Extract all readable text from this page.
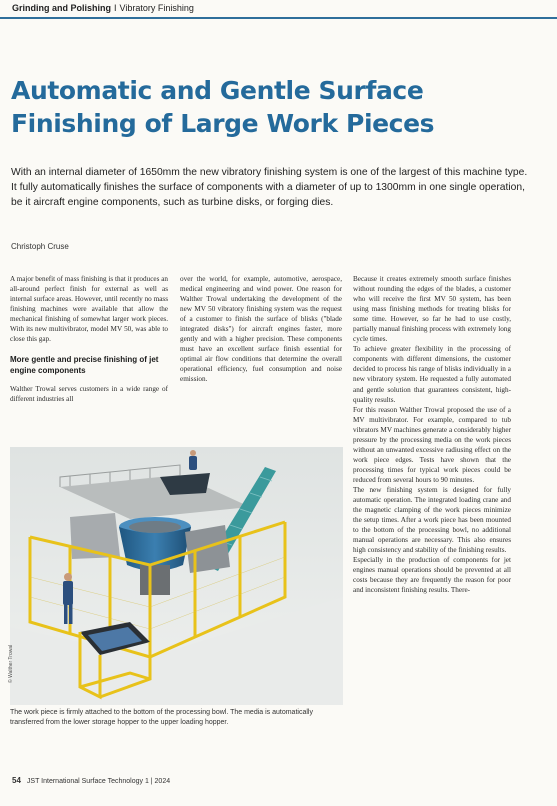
Grinding and Polishing I Vibratory Finishing
Automatic and Gentle Surface Finishing of Large Work Pieces

With an internal diameter of 1650mm the new vibratory finishing system is one of the largest of this machine type. It fully automatically finishes the surface of components with a diameter of up to 1300mm in one single operation, be it aircraft engine components, such as turbine disks, or forging dies.

Christoph Cruse

A major benefit of mass finishing is that it produces an all-around perfect finish for external as well as internal surface areas. However, until recently no mass finishing machines were available that allow the mechanical finishing of somewhat larger work pieces. With its new multivibrator, model MV 50, was able to close this gap.

More gentle and precise finishing of jet engine components

Walther Trowal serves customers in a wide range of different industries all

over the world, for example, automotive, aerospace, medical engineering and wind power. One reason for Walther Trowal undertaking the development of the new MV 50 vibratory finishing system was the request of a customer to finish the surface of blisks ("blade integrated disks") for aircraft engines faster, more gently and with a higher precision. These components must have an excellent surface finish essential for optimal air flow conditions that determine the overall operational efficiency, fuel consumption and noise emission.

Because it creates extremely smooth surface finishes without rounding the edges of the blades, a customer who will receive the first MV 50 system, has been using mass finishing methods for treating blisks for some time. However, so far he had to use costly, partially manual finishing process with extremely long cycle times.

To achieve greater flexibility in the processing of components with different dimensions, the customer decided to process his range of blisks individually in a new vibratory system. He requested a fully automated and gentle solution that guarantees consistent, high-quality results.

For this reason Walther Trowal proposed the use of a MV multivibrator. For example, compared to tub vibrators MV machines generate a considerably higher pressure by the processing media on the work pieces without an unwanted excessive radiusing effect on the work piece edges. Tests have shown that the processing times for typical work pieces could be reduced from several hours to 90 minutes.

The new finishing system is designed for fully automatic operation. The integrated loading crane and the magnetic clamping of the work pieces minimize the setup times. After a work piece has been mounted to the bottom of the processing bowl, no additional manual operations are necessary. This also ensures high consistency and stability of the finishing results.

Especially in the production of components for jet engines manual operations should be prevented at all costs because they are frequently the reason for poor and inconsistent finishing results. There-

© Walther Trowal

The work piece is firmly attached to the bottom of the processing bowl. The media is automatically transferred from the lower storage hopper to the upper loading hopper.

54 JST International Surface Technology 1 | 2024
